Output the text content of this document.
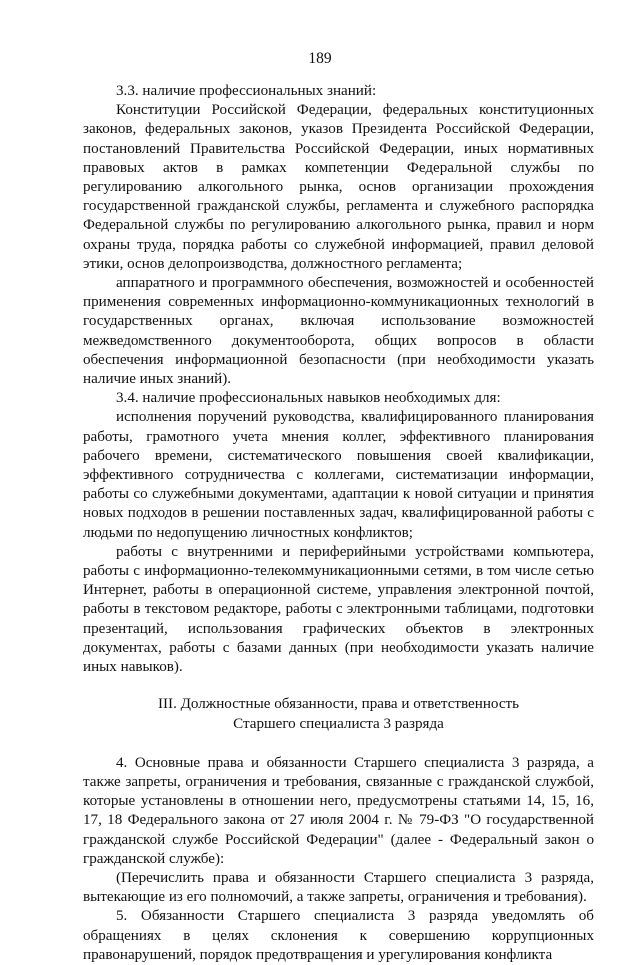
189

3.3. наличие профессиональных знаний:

Конституции Российской Федерации, федеральных конституционных законов, федеральных законов, указов Президента Российской Федерации, постановлений Правительства Российской Федерации, иных нормативных правовых актов в рамках компетенции Федеральной службы по регулированию алкогольного рынка, основ организации прохождения государственной гражданской службы, регламента и служебного распорядка Федеральной службы по регулированию алкогольного рынка, правил и норм охраны труда, порядка работы со служебной информацией, правил деловой этики, основ делопроизводства, должностного регламента;

аппаратного и программного обеспечения, возможностей и особенностей применения современных информационно-коммуникационных технологий в государственных органах, включая использование возможностей межведомственного документооборота, общих вопросов в области обеспечения информационной безопасности (при необходимости указать наличие иных знаний).

3.4. наличие профессиональных навыков необходимых для:

исполнения поручений руководства, квалифицированного планирования работы, грамотного учета мнения коллег, эффективного планирования рабочего времени, систематического повышения своей квалификации, эффективного сотрудничества с коллегами, систематизации информации, работы со служебными документами, адаптации к новой ситуации и принятия новых подходов в решении поставленных задач, квалифицированной работы с людьми по недопущению личностных конфликтов;

работы с внутренними и периферийными устройствами компьютера, работы с информационно-телекоммуникационными сетями, в том числе сетью Интернет, работы в операционной системе, управления электронной почтой, работы в текстовом редакторе, работы с электронными таблицами, подготовки презентаций, использования графических объектов в электронных документах, работы с базами данных (при необходимости указать наличие иных навыков).

III. Должностные обязанности, права и ответственность

Старшего специалиста 3 разряда

4. Основные права и обязанности Старшего специалиста 3 разряда, а также запреты, ограничения и требования, связанные с гражданской службой, которые установлены в отношении него, предусмотрены статьями 14, 15, 16, 17, 18 Федерального закона от 27 июля 2004 г. № 79-ФЗ "О государственной гражданской службе Российской Федерации" (далее - Федеральный закон о гражданской службе):

(Перечислить права и обязанности Старшего специалиста 3 разряда, вытекающие из его полномочий, а также запреты, ограничения и требования).

5. Обязанности Старшего специалиста 3 разряда уведомлять об обращениях в целях склонения к совершению коррупционных правонарушений, порядок предотвращения и урегулирования конфликта
